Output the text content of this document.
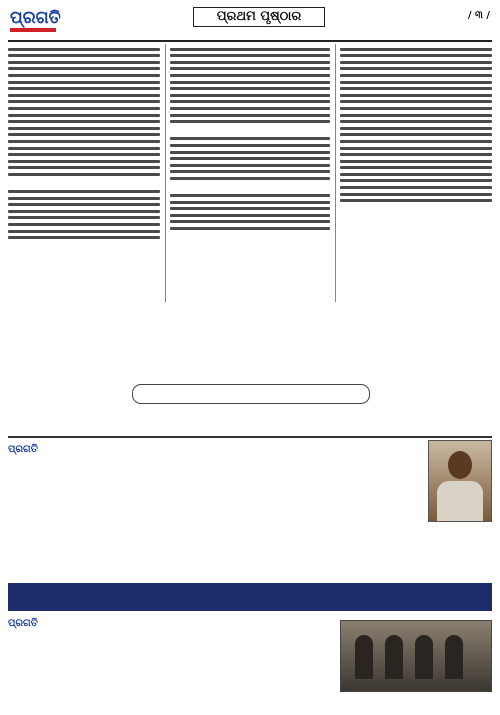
ପ୍ରଗତି	ପ୍ରଥମ ପୃଷ୍ଠାର	/ ୩ /
ପ୍ରଗତି
ପ୍ରଗତି
